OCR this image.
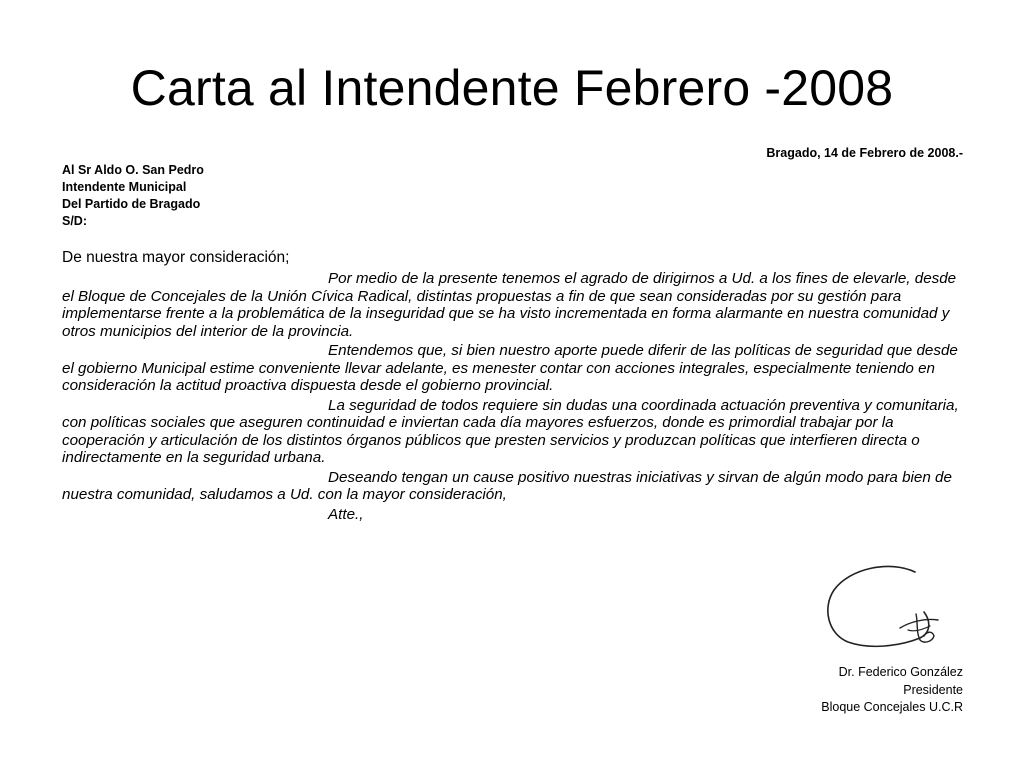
Carta al Intendente Febrero -2008
Bragado, 14 de Febrero de 2008.-
Al Sr Aldo O. San Pedro
Intendente Municipal
Del Partido de Bragado
S/D:
De nuestra mayor consideración;

Por medio de la presente tenemos el agrado de dirigirnos a Ud. a los fines de elevarle, desde el Bloque de Concejales de la Unión Cívica Radical, distintas propuestas a fin de que sean consideradas por su gestión para implementarse frente a la problemática de la inseguridad que se ha visto incrementada en forma alarmante en nuestra comunidad y otros municipios del interior de la provincia.

Entendemos que, si bien nuestro aporte puede diferir de las políticas de seguridad que desde el gobierno Municipal estime conveniente llevar adelante, es menester contar con acciones integrales, especialmente teniendo en consideración la actitud proactiva dispuesta desde el gobierno provincial.

La seguridad de todos requiere sin dudas una coordinada actuación preventiva y comunitaria, con políticas sociales que aseguren continuidad e inviertan cada día mayores esfuerzos, donde es primordial trabajar por la cooperación y articulación de los distintos órganos públicos que presten servicios y produzcan políticas que interfieren directa o indirectamente en la seguridad urbana.

Deseando tengan un cause positivo nuestras iniciativas y sirvan de algún modo para bien de nuestra comunidad, saludamos a Ud. con la mayor consideración,

Atte.,

Dr. Federico González
Presidente
Bloque Concejales U.C.R
